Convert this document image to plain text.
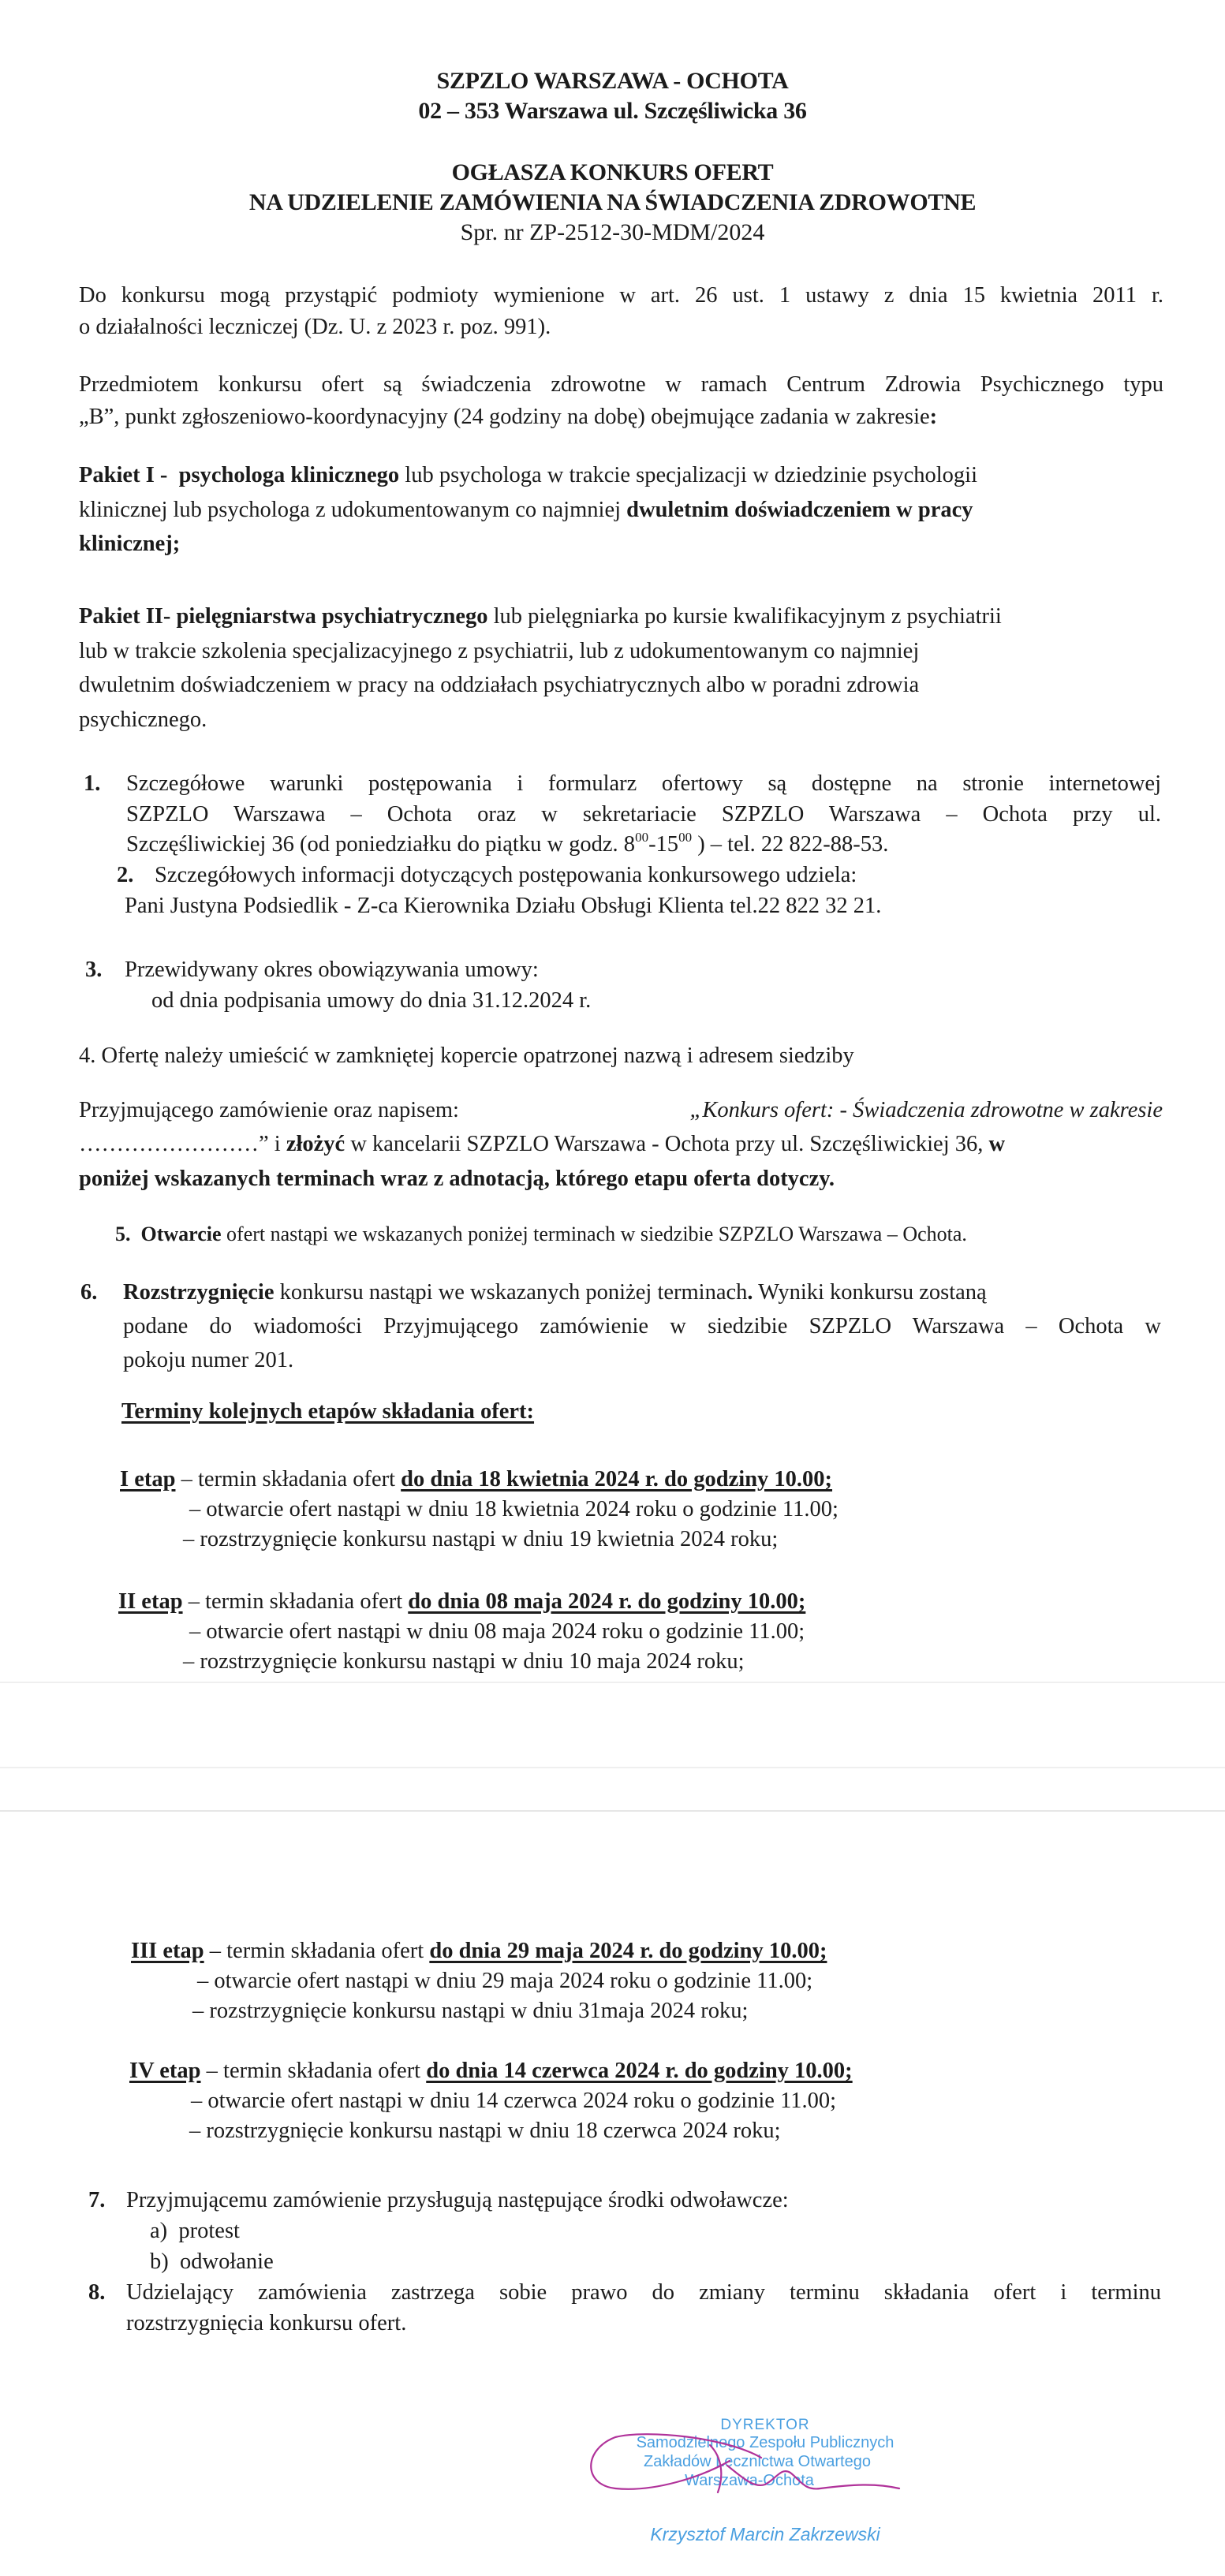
SZPZLO WARSZAWA - OCHOTA
02 – 353 Warszawa ul. Szczęśliwicka 36
OGŁASZA KONKURS OFERT
NA UDZIELENIE ZAMÓWIENIA NA ŚWIADCZENIA ZDROWOTNE
Spr. nr ZP-2512-30-MDM/2024
Do konkursu mogą przystąpić podmioty wymienione w art. 26 ust. 1 ustawy z dnia 15 kwietnia 2011 r.
o działalności leczniczej (Dz. U. z 2023 r. poz. 991).
Przedmiotem konkursu ofert są świadczenia zdrowotne w ramach Centrum Zdrowia Psychicznego typu
„B”, punkt zgłoszeniowo-koordynacyjny (24 godziny na dobę) obejmujące zadania w zakresie:
Pakiet I - psychologa klinicznego lub psychologa w trakcie specjalizacji w dziedzinie psychologii
klinicznej lub psychologa z udokumentowanym co najmniej dwuletnim doświadczeniem w pracy
klinicznej;
Pakiet II- pielęgniarstwa psychiatrycznego lub pielęgniarka po kursie kwalifikacyjnym z psychiatrii
lub w trakcie szkolenia specjalizacyjnego z psychiatrii, lub z udokumentowanym co najmniej
dwuletnim doświadczeniem w pracy na oddziałach psychiatrycznych albo w poradni zdrowia
psychicznego.
1. Szczegółowe warunki postępowania i formularz ofertowy są dostępne na stronie internetowej
SZPZLO Warszawa – Ochota oraz w sekretariacie SZPZLO Warszawa – Ochota przy ul.
Szczęśliwickiej 36 (od poniedziałku do piątku w godz. $8^{00}-15^{00}$ ) – tel. 22 822-88-53.
2. Szczegółowych informacji dotyczących postępowania konkursowego udziela:
Pani Justyna Podsiedlik - Z-ca Kierownika Działu Obsługi Klienta tel.22 822 32 21.
3. Przewidywany okres obowiązywania umowy:
od dnia podpisania umowy do dnia 31.12.2024 r.
4. Ofertę należy umieścić w zamkniętej kopercie opatrzonej nazwą i adresem siedziby
Przyjmującego zamówienie oraz napisem:	„Konkurs ofert: - Świadczenia zdrowotne w zakresie
……………………” i złożyć w kancelarii SZPZLO Warszawa - Ochota przy ul. Szczęśliwickiej 36, w
poniżej wskazanych terminach wraz z adnotacją, którego etapu oferta dotyczy.
5. Otwarcie ofert nastąpi we wskazanych poniżej terminach w siedzibie SZPZLO Warszawa – Ochota.
6. Rozstrzygnięcie konkursu nastąpi we wskazanych poniżej terminach. Wyniki konkursu zostaną
podane do wiadomości Przyjmującego zamówienie w siedzibie SZPZLO Warszawa – Ochota w
pokoju numer 201.
Terminy kolejnych etapów składania ofert:
I etap – termin składania ofert do dnia 18 kwietnia 2024 r. do godziny 10.00;
– otwarcie ofert nastąpi w dniu 18 kwietnia 2024 roku o godzinie 11.00;
– rozstrzygnięcie konkursu nastąpi w dniu 19 kwietnia 2024 roku;
II etap – termin składania ofert do dnia 08 maja 2024 r. do godziny 10.00;
– otwarcie ofert nastąpi w dniu 08 maja 2024 roku o godzinie 11.00;
– rozstrzygnięcie konkursu nastąpi w dniu 10 maja 2024 roku;
III etap – termin składania ofert do dnia 29 maja 2024 r. do godziny 10.00;
– otwarcie ofert nastąpi w dniu 29 maja 2024 roku o godzinie 11.00;
– rozstrzygnięcie konkursu nastąpi w dniu 31maja 2024 roku;
IV etap – termin składania ofert do dnia 14 czerwca 2024 r. do godziny 10.00;
– otwarcie ofert nastąpi w dniu 14 czerwca 2024 roku o godzinie 11.00;
– rozstrzygnięcie konkursu nastąpi w dniu 18 czerwca 2024 roku;
7. Przyjmującemu zamówienie przysługują następujące środki odwoławcze:
a) protest
b) odwołanie
8. Udzielający zamówienia zastrzega sobie prawo do zmiany terminu składania ofert i terminu
rozstrzygnięcia konkursu ofert.
DYREKTOR
Samodzielnego Zespołu Publicznych
Zakładów Lecznictwa Otwartego
Warszawa-Ochota
Krzysztof Marcin Zakrzewski
